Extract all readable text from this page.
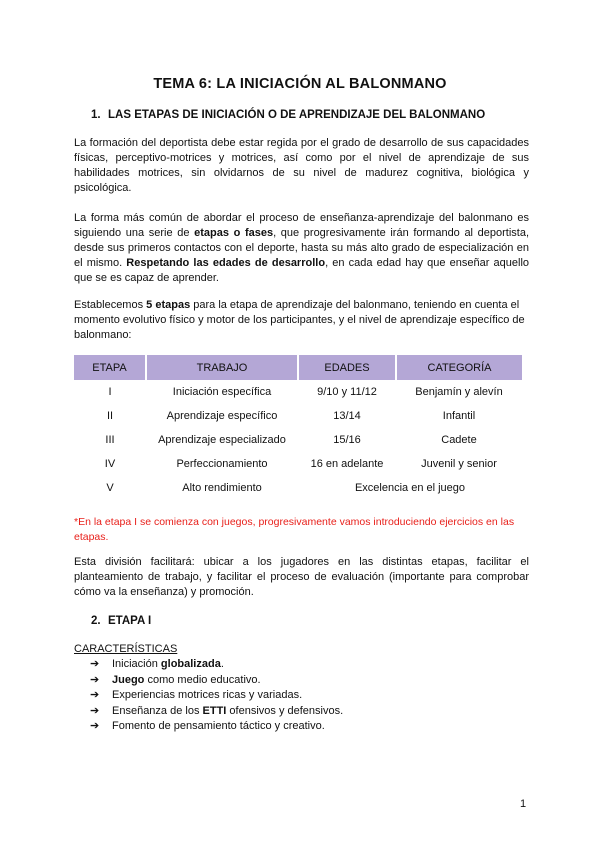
TEMA 6: LA INICIACIÓN AL BALONMANO
1. LAS ETAPAS DE INICIACIÓN O DE APRENDIZAJE DEL BALONMANO
La formación del deportista debe estar regida por el grado de desarrollo de sus capacidades físicas, perceptivo-motrices y motrices, así como por el nivel de aprendizaje de sus habilidades motrices, sin olvidarnos de su nivel de madurez cognitiva, biológica y psicológica.
La forma más común de abordar el proceso de enseñanza-aprendizaje del balonmano es siguiendo una serie de etapas o fases, que progresivamente irán formando al deportista, desde sus primeros contactos con el deporte, hasta su más alto grado de especialización en el mismo. Respetando las edades de desarrollo, en cada edad hay que enseñar aquello que se es capaz de aprender.
Establecemos 5 etapas para la etapa de aprendizaje del balonmano, teniendo en cuenta el momento evolutivo físico y motor de los participantes, y el nivel de aprendizaje específico de balonmano:
ETAPA	TRABAJO	EDADES	CATEGORÍA
I	Iniciación específica	9/10 y 11/12	Benjamín y alevín
II	Aprendizaje específico	13/14	Infantil
III	Aprendizaje especializado	15/16	Cadete
IV	Perfeccionamiento	16 en adelante	Juvenil y senior
V	Alto rendimiento	Excelencia en el juego	
*En la etapa I se comienza con juegos, progresivamente vamos introduciendo ejercicios en las etapas.
Esta división facilitará: ubicar a los jugadores en las distintas etapas, facilitar el planteamiento de trabajo, y facilitar el proceso de evaluación (importante para comprobar cómo va la enseñanza) y promoción.
2. ETAPA I
CARACTERÍSTICAS
➔ Iniciación globalizada.
➔ Juego como medio educativo.
➔ Experiencias motrices ricas y variadas.
➔ Enseñanza de los ETTI ofensivos y defensivos.
➔ Fomento de pensamiento táctico y creativo.
1
